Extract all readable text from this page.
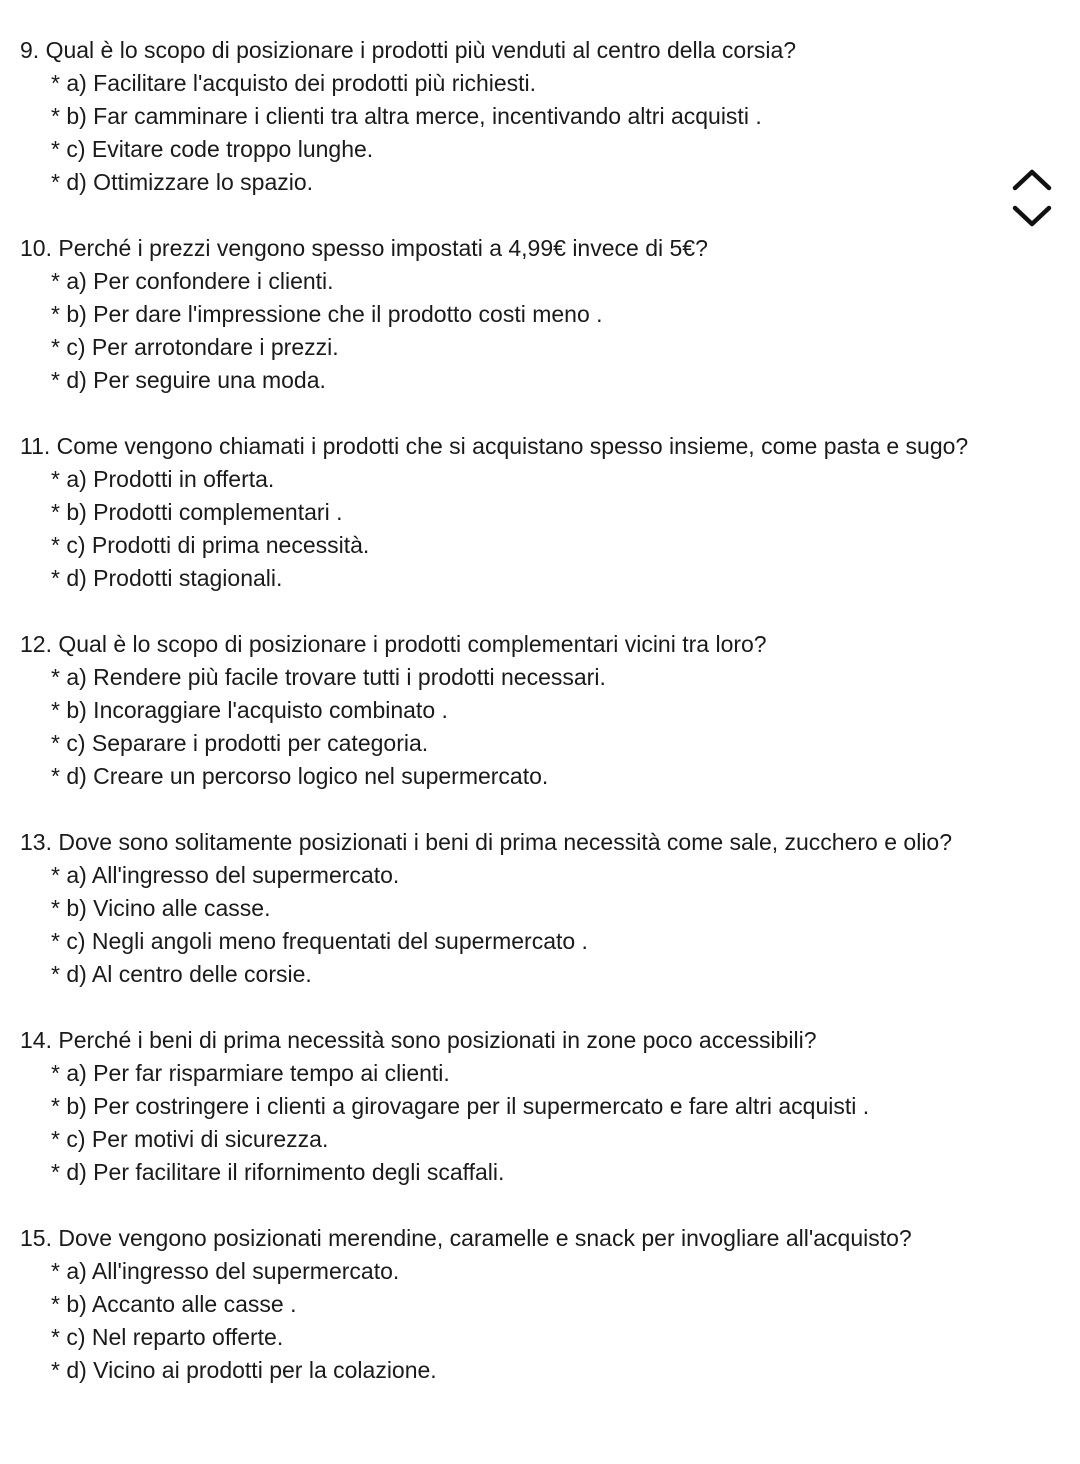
9. Qual è lo scopo di posizionare i prodotti più venduti al centro della corsia?

* a) Facilitare l'acquisto dei prodotti più richiesti.
* b) Far camminare i clienti tra altra merce, incentivando altri acquisti .
* c) Evitare code troppo lunghe.
* d) Ottimizzare lo spazio.

10. Perché i prezzi vengono spesso impostati a 4,99€ invece di 5€?

* a) Per confondere i clienti.
* b) Per dare l'impressione che il prodotto costi meno .
* c) Per arrotondare i prezzi.
* d) Per seguire una moda.

11. Come vengono chiamati i prodotti che si acquistano spesso insieme, come pasta e sugo?

* a) Prodotti in offerta.
* b) Prodotti complementari .
* c) Prodotti di prima necessità.
* d) Prodotti stagionali.

12. Qual è lo scopo di posizionare i prodotti complementari vicini tra loro?

* a) Rendere più facile trovare tutti i prodotti necessari.
* b) Incoraggiare l'acquisto combinato .
* c) Separare i prodotti per categoria.
* d) Creare un percorso logico nel supermercato.

13. Dove sono solitamente posizionati i beni di prima necessità come sale, zucchero e olio?

* a) All'ingresso del supermercato.
* b) Vicino alle casse.
* c) Negli angoli meno frequentati del supermercato .
* d) Al centro delle corsie.

14. Perché i beni di prima necessità sono posizionati in zone poco accessibili?

* a) Per far risparmiare tempo ai clienti.
* b) Per costringere i clienti a girovagare per il supermercato e fare altri acquisti .
* c) Per motivi di sicurezza.
* d) Per facilitare il rifornimento degli scaffali.

15. Dove vengono posizionati merendine, caramelle e snack per invogliare all'acquisto?

* a) All'ingresso del supermercato.
* b) Accanto alle casse .
* c) Nel reparto offerte.
* d) Vicino ai prodotti per la colazione.
